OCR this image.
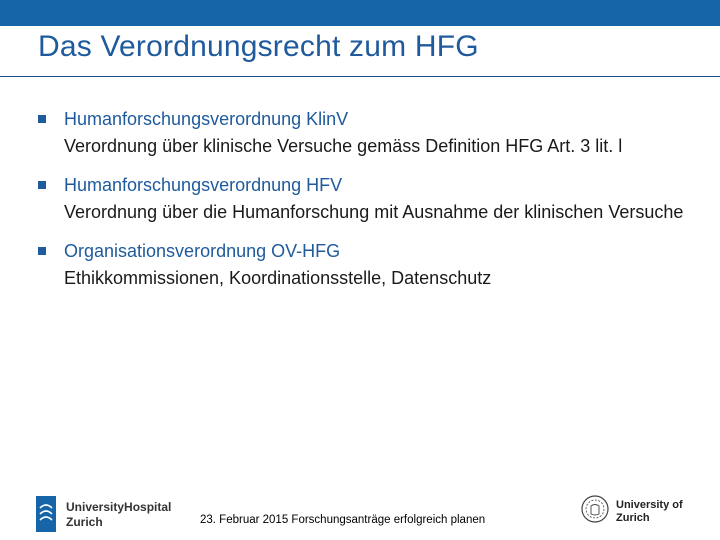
Das Verordnungsrecht zum HFG
Humanforschungsverordnung KlinV
Verordnung über klinische Versuche gemäss Definition HFG Art. 3 lit. l
Humanforschungsverordnung HFV
Verordnung über die Humanforschung mit Ausnahme der klinischen Versuche
Organisationsverordnung OV-HFG
Ethikkommissionen, Koordinationsstelle, Datenschutz
UniversityHospital
Zurich	23. Februar 2015 Forschungsanträge erfolgreich planen
University of
Zurich
